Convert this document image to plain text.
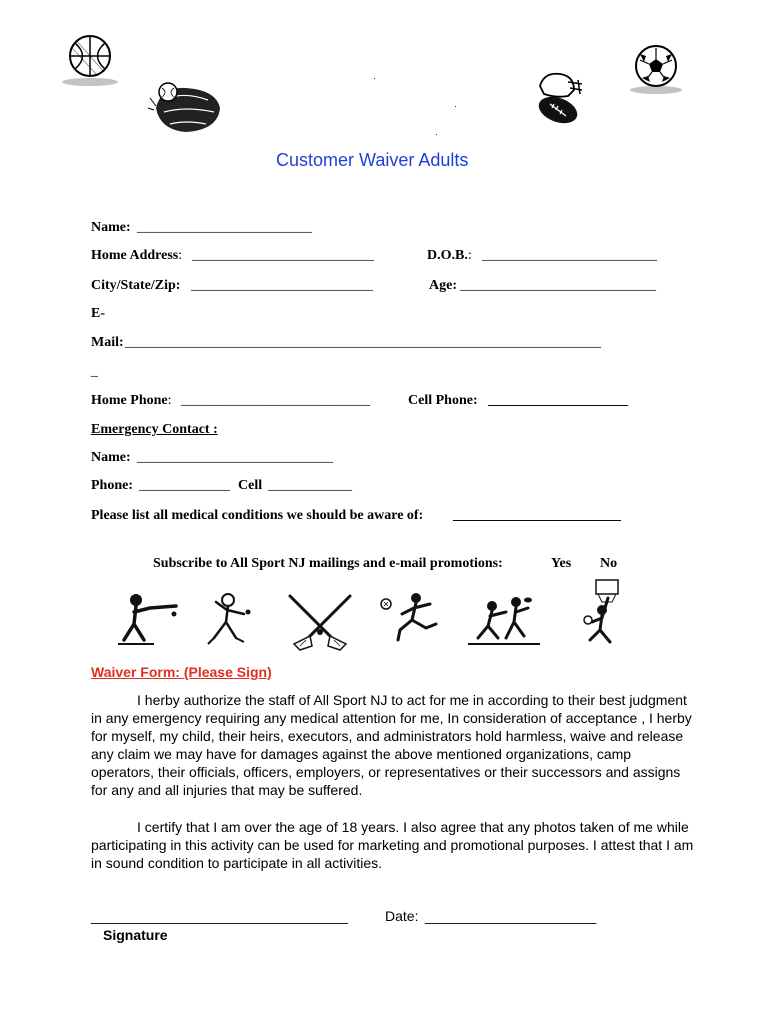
Customer Waiver Adults
Name: _________________________
Home Address: __________________________	D.O.B.: _________________________
City/State/Zip: __________________________	Age: ____________________________
E-
Mail: ____________________________________________________________________
_
Home Phone: ___________________________	Cell Phone: ____________________
Emergency Contact :
Name: ____________________________
Phone: _____________ Cell ____________
Please list all medical conditions we should be aware of: ________________________
Subscribe to All Sport NJ mailings and e-mail promotions:	Yes No
Waiver Form: (Please Sign)
I herby authorize the staff of All Sport NJ to act for me in according to their best judgment in any emergency requiring any medical attention for me, In consideration of acceptance , I herby for myself, my child, their heirs, executors, and administrators hold harmless, waive and release any claim we may have for damages against the above mentioned organizations, camp operators, their officials, officers, employers, or representatives or their successors and assigns for any and all injuries that may be suffered.
I certify that I am over the age of 18 years. I also agree that any photos taken of me while participating in this activity can be used for marketing and promotional purposes. I attest that I am in sound condition to participate in all activities.
_________________________________
Signature
Date: ______________________
